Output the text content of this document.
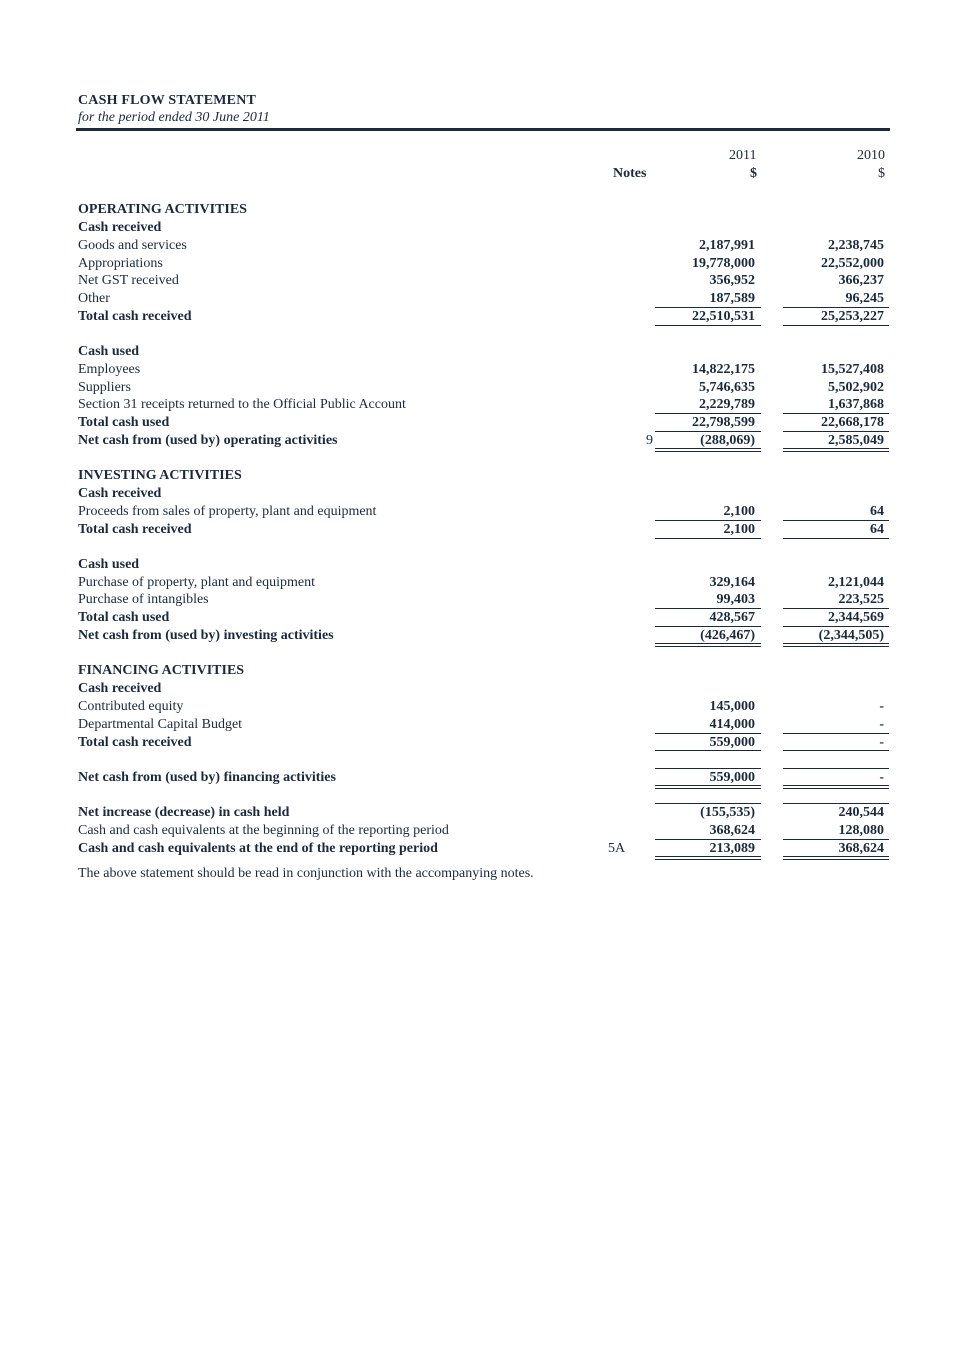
CASH FLOW STATEMENT
for the period ended 30 June 2011
2011	2010
Notes	$	$
OPERATING ACTIVITIES
Cash received
Goods and services	2,187,991	2,238,745
Appropriations	19,778,000	22,552,000
Net GST received	356,952	366,237
Other	187,589	96,245
Total cash received	22,510,531	25,253,227
Cash used
Employees	14,822,175	15,527,408
Suppliers	5,746,635	5,502,902
Section 31 receipts returned to the Official Public Account	2,229,789	1,637,868
Total cash used	22,798,599	22,668,178
Net cash from (used by) operating activities	9	(288,069)	2,585,049
INVESTING ACTIVITIES
Cash received
Proceeds from sales of property, plant and equipment	2,100	64
Total cash received	2,100	64
Cash used
Purchase of property, plant and equipment	329,164	2,121,044
Purchase of intangibles	99,403	223,525
Total cash used	428,567	2,344,569
Net cash from (used by) investing activities	(426,467)	(2,344,505)
FINANCING ACTIVITIES
Cash received
Contributed equity	145,000	-
Departmental Capital Budget	414,000	-
Total cash received	559,000	-
Net cash from (used by) financing activities	559,000	-
Net increase (decrease) in cash held	(155,535)	240,544
Cash and cash equivalents at the beginning of the reporting period	368,624	128,080
Cash and cash equivalents at the end of the reporting period	5A	213,089	368,624
The above statement should be read in conjunction with the accompanying notes.
